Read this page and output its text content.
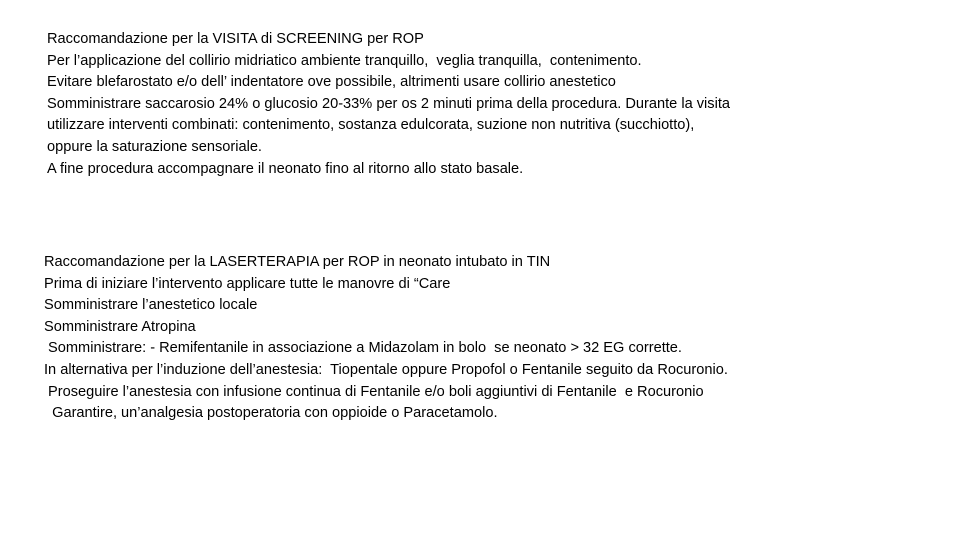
Raccomandazione per la VISITA di SCREENING per ROP
Per l’applicazione del collirio midriatico ambiente tranquillo,  veglia tranquilla,  contenimento.
Evitare blefarostato e/o dell’ indentatore ove possibile, altrimenti usare collirio anestetico
Somministrare saccarosio 24% o glucosio 20-33% per os 2 minuti prima della procedura. Durante la visita
utilizzare interventi combinati: contenimento, sostanza edulcorata, suzione non nutritiva (succhiotto),
oppure la saturazione sensoriale.
A fine procedura accompagnare il neonato fino al ritorno allo stato basale.
Raccomandazione per la LASERTERAPIA per ROP in neonato intubato in TIN
Prima di iniziare l’intervento applicare tutte le manovre di “Care
Somministrare l’anestetico locale
Somministrare Atropina
Somministrare: - Remifentanile in associazione a Midazolam in bolo  se neonato > 32 EG corrette.
In alternativa per l’induzione dell’anestesia:  Tiopentale oppure Propofol o Fentanile seguito da Rocuronio.
Proseguire l’anestesia con infusione continua di Fentanile e/o boli aggiuntivi di Fentanile  e Rocuronio
Garantire, un’analgesia postoperatoria con oppioide o Paracetamolo.
